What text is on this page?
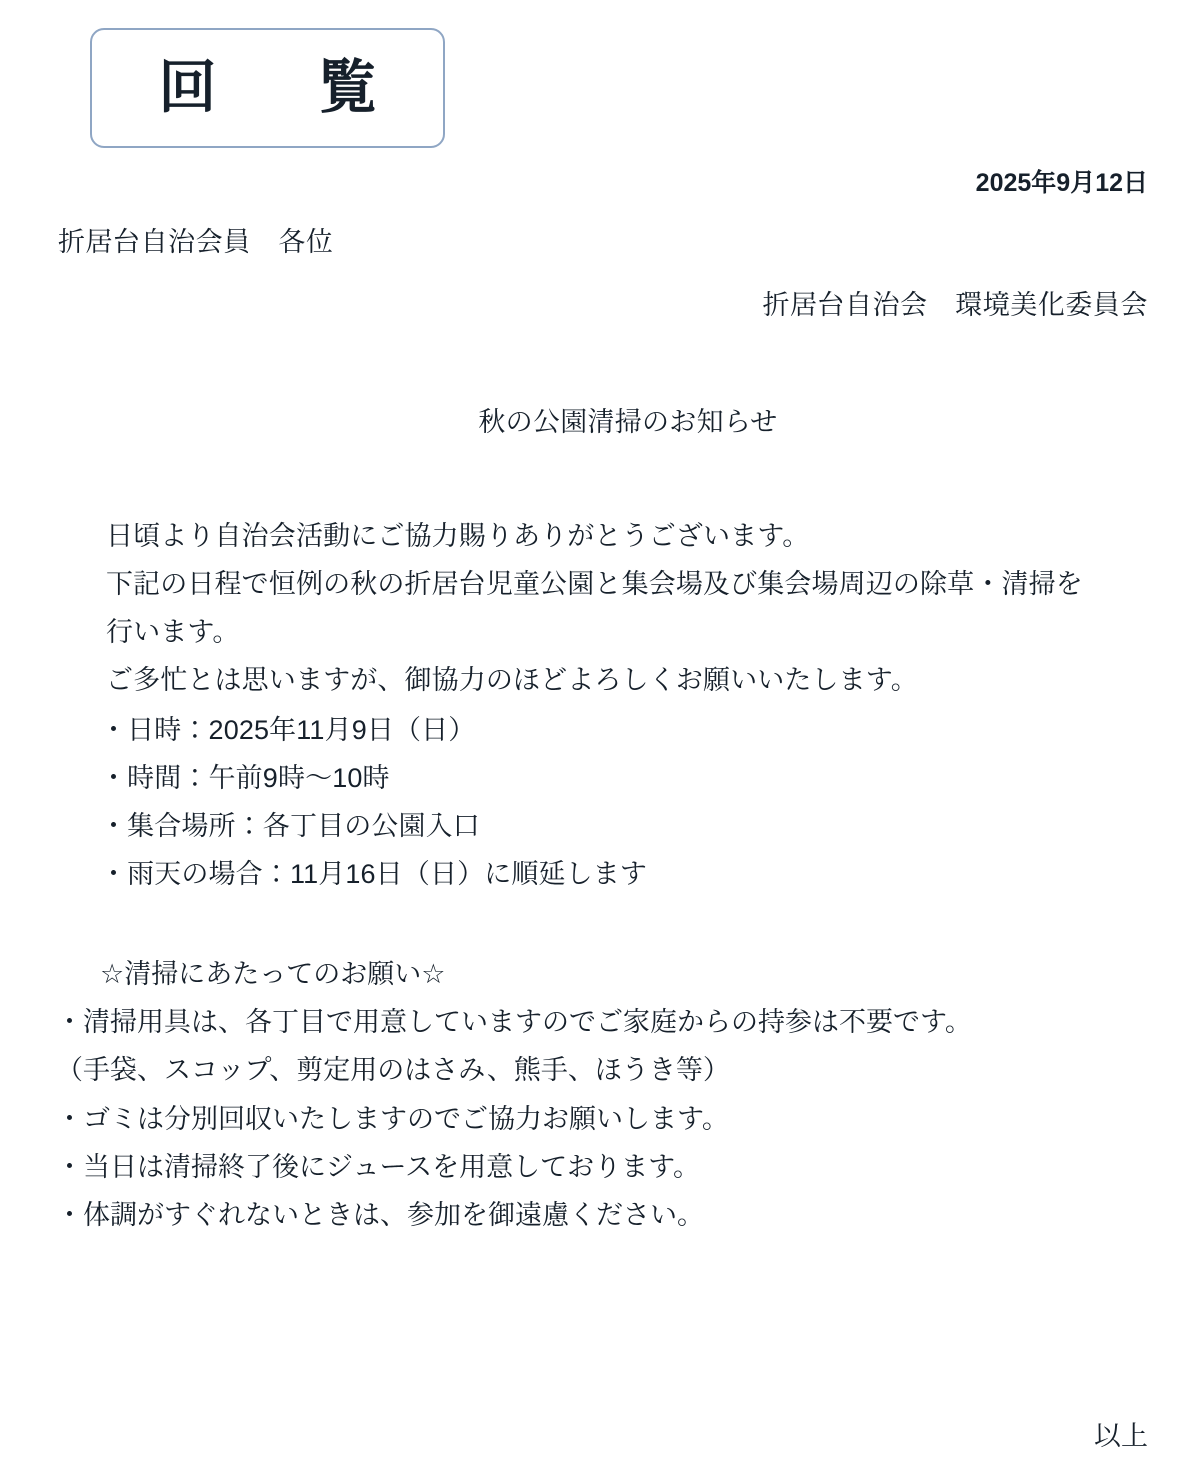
回　覧
2025年9月12日
折居台自治会員　各位
折居台自治会　環境美化委員会
秋の公園清掃のお知らせ
日頃より自治会活動にご協力賜りありがとうございます。
下記の日程で恒例の秋の折居台児童公園と集会場及び集会場周辺の除草・清掃を
行います。
ご多忙とは思いますが、御協力のほどよろしくお願いいたします。
・日時：2025年11月9日（日）
・時間：午前9時～10時
・集合場所：各丁目の公園入口
・雨天の場合：11月16日（日）に順延します
☆清掃にあたってのお願い☆
・清掃用具は、各丁目で用意していますのでご家庭からの持参は不要です。
（手袋、スコップ、剪定用のはさみ、熊手、ほうき等）
・ゴミは分別回収いたしますのでご協力お願いします。
・当日は清掃終了後にジュースを用意しております。
・体調がすぐれないときは、参加を御遠慮ください。
以上
